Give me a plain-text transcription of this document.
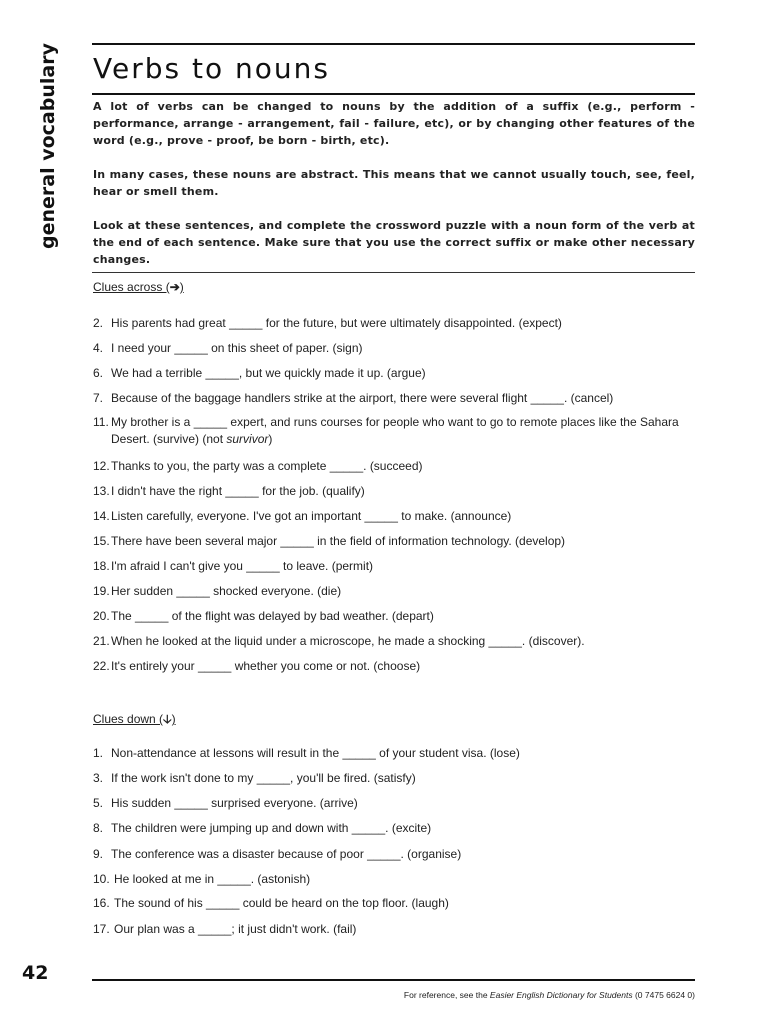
general vocabulary Verbs to nouns

A lot of verbs can be changed to nouns by the addition of a suffix (e.g., perform - performance, arrange - arrangement, fail - failure, etc), or by changing other features of the word (e.g., prove - proof, be born - birth, etc).

In many cases, these nouns are abstract. This means that we cannot usually touch, see, feel, hear or smell them.

Look at these sentences, and complete the crossword puzzle with a noun form of the verb at the end of each sentence. Make sure that you use the correct suffix or make other necessary changes.

Clues across (➔)

2. His parents had great _____ for the future, but were ultimately disappointed. (expect)

4. I need your _____ on this sheet of paper. (sign)

6. We had a terrible _____, but we quickly made it up. (argue)

7. Because of the baggage handlers strike at the airport, there were several flight _____. (cancel)

11. My brother is a _____ expert, and runs courses for people who want to go to remote places like the Sahara Desert. (survive) (not survivor)

12. Thanks to you, the party was a complete _____. (succeed)

13. I didn't have the right _____ for the job. (qualify)

14. Listen carefully, everyone. I've got an important _____ to make. (announce)

15. There have been several major _____ in the field of information technology. (develop)

18. I'm afraid I can't give you _____ to leave. (permit)

19. Her sudden _____ shocked everyone. (die)

20. The _____ of the flight was delayed by bad weather. (depart)

21. When he looked at the liquid under a microscope, he made a shocking _____. (discover).

22. It's entirely your _____ whether you come or not. (choose)

Clues down (🡣)

1. Non-attendance at lessons will result in the _____ of your student visa. (lose)

3. If the work isn't done to my _____, you'll be fired. (satisfy)

5. His sudden _____ surprised everyone. (arrive)

8. The children were jumping up and down with _____. (excite)

9. The conference was a disaster because of poor _____. (organise)

10. He looked at me in _____. (astonish)

16. The sound of his _____ could be heard on the top floor. (laugh)

17. Our plan was a _____; it just didn't work. (fail)

42
For reference, see the Easier English Dictionary for Students (0 7475 6624 0)
